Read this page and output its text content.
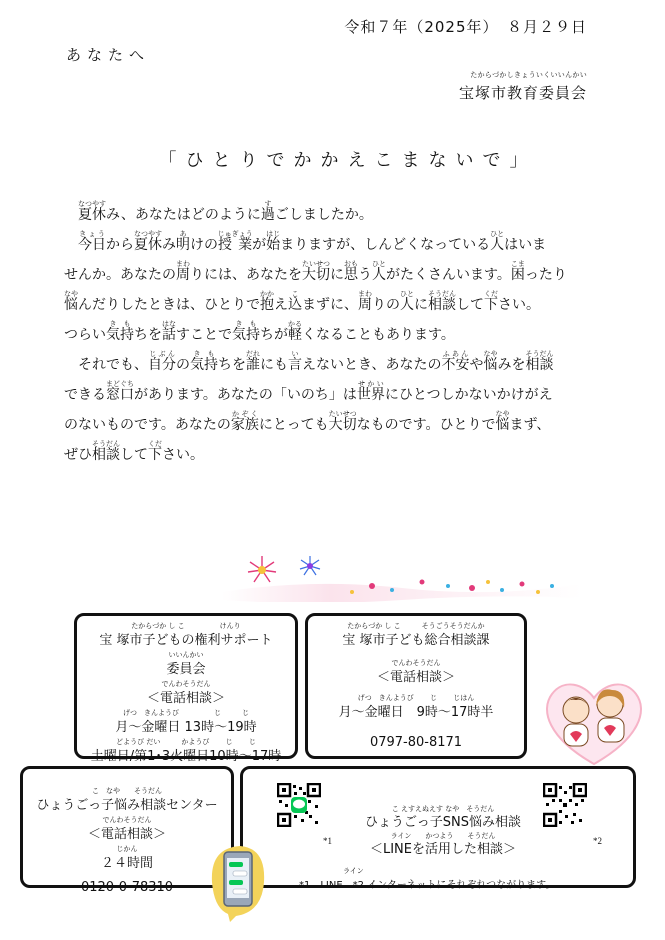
令和７年（2025年）　８月２９日
あなたへ
たからづかしきょういくいいんかい
宝塚市教育委員会
「ひとりでかかえこまないで」
夏休なつやすみ、あなたはどのように過すごしましたか。
今日きょうから夏休なつやすみ明あけの授 業じゅぎょうが始はじまりますが、しんどくなっている人ひとはいま
せんか。あなたの周まわりには、あなたを大切たいせつに思おもう人ひとがたくさんいます。困こまったり
悩なやんだりしたときは、ひとりで抱かかえ込こまずに、周まわりの人ひとに相談そうだんして下ください。
つらい気持きもちを話はなすことで気持きもちが軽かるくなることもあります。
それでも、自分じぶんの気持きもちを誰だれにも言いえないとき、あなたの不安ふあんや悩なやみを相談そうだん
できる窓口まどぐちがあります。あなたの「いのち」は世界せかいにひとつしかないかけがえ
のないものです。あなたの家族かぞくにとっても大切たいせつなものです。ひとりで悩なやまず、
ぜひ相談そうだんして下ください。
たからづか し こ　　　　　けんり
宝 塚市子どもの権利サポート
いいんかい
委員会
でんわそうだん
＜電話相談＞
げつ　きんようび　　　　　じ　　　じ
月～金曜日 13時～19時
どようび だい　　　かようび　　 じ　　 じ
土曜日/第1･3火曜日10時～17時
たからづか し こ　　　そうごうそうだんか
宝 塚市子ども総合相談課
でんわそうだん
＜電話相談＞
げつ　きんようび　　 じ　　 じはん
月～金曜日　9時～17時半
0797-80-8171
こ　なや　　そうだん
ひょうごっ子悩み相談センター
でんわそうだん
＜電話相談＞
じかん
２４時間
0120-0-78310
*1	*2
こ えすえぬえす なや　そうだん
ひょうごっ子SNS悩み相談
ライン　　かつよう　　そうだん
＜LINEを活用した相談＞
ライン
*1　LINE　*2 インターネットにそれぞれつながります。
